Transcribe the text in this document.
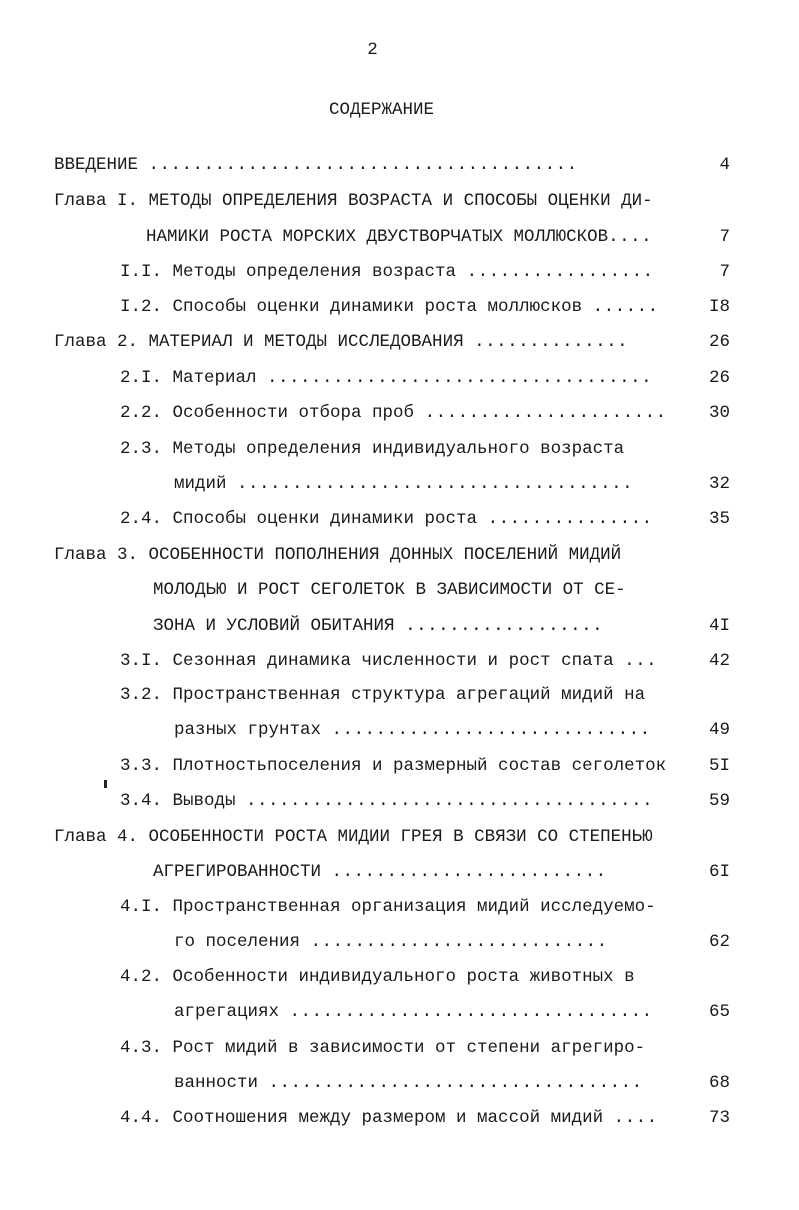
2
СОДЕРЖАНИЕ
ВВЕДЕНИЕ .......................................	4
Глава I. МЕТОДЫ ОПРЕДЕЛЕНИЯ ВОЗРАСТА И СПОСОБЫ ОЦЕНКИ ДИ-
НАМИКИ РОСТА МОРСКИХ ДВУСТВОРЧАТЫХ МОЛЛЮСКОВ....	7
I.I. Методы определения возраста .................	7
I.2. Способы оценки динамики роста моллюсков ......	I8
Глава 2. МАТЕРИАЛ И МЕТОДЫ ИССЛЕДОВАНИЯ ..............	26
2.I. Материал ...................................	26
2.2. Особенности отбора проб ......................	30
2.3. Методы определения индивидуального возраста
мидий ....................................	32
2.4. Способы оценки динамики роста ...............	35
Глава 3. ОСОБЕННОСТИ ПОПОЛНЕНИЯ ДОННЫХ ПОСЕЛЕНИЙ МИДИЙ
МОЛОДЬЮ И РОСТ СЕГОЛЕТОК В ЗАВИСИМОСТИ ОТ СЕ-
ЗОНА И УСЛОВИЙ ОБИТАНИЯ ..................	4I
3.I. Сезонная динамика численности и рост спата ...	42
3.2. Пространственная структура агрегаций мидий на
разных грунтах .............................	49
3.3. Плотностьпоселения и размерный состав сеголеток	5I
3.4. Выводы .....................................	59
Глава 4. ОСОБЕННОСТИ РОСТА МИДИИ ГРЕЯ В СВЯЗИ СО СТЕПЕНЬЮ
АГРЕГИРОВАННОСТИ .........................	6I
4.I. Пространственная организация мидий исследуемо-
го поселения ...........................	62
4.2. Особенности индивидуального роста животных в
агрегациях .................................	65
4.3. Рост мидий в зависимости от степени агрегиро-
ванности ..................................	68
4.4. Соотношения между размером и массой мидий ....	73
